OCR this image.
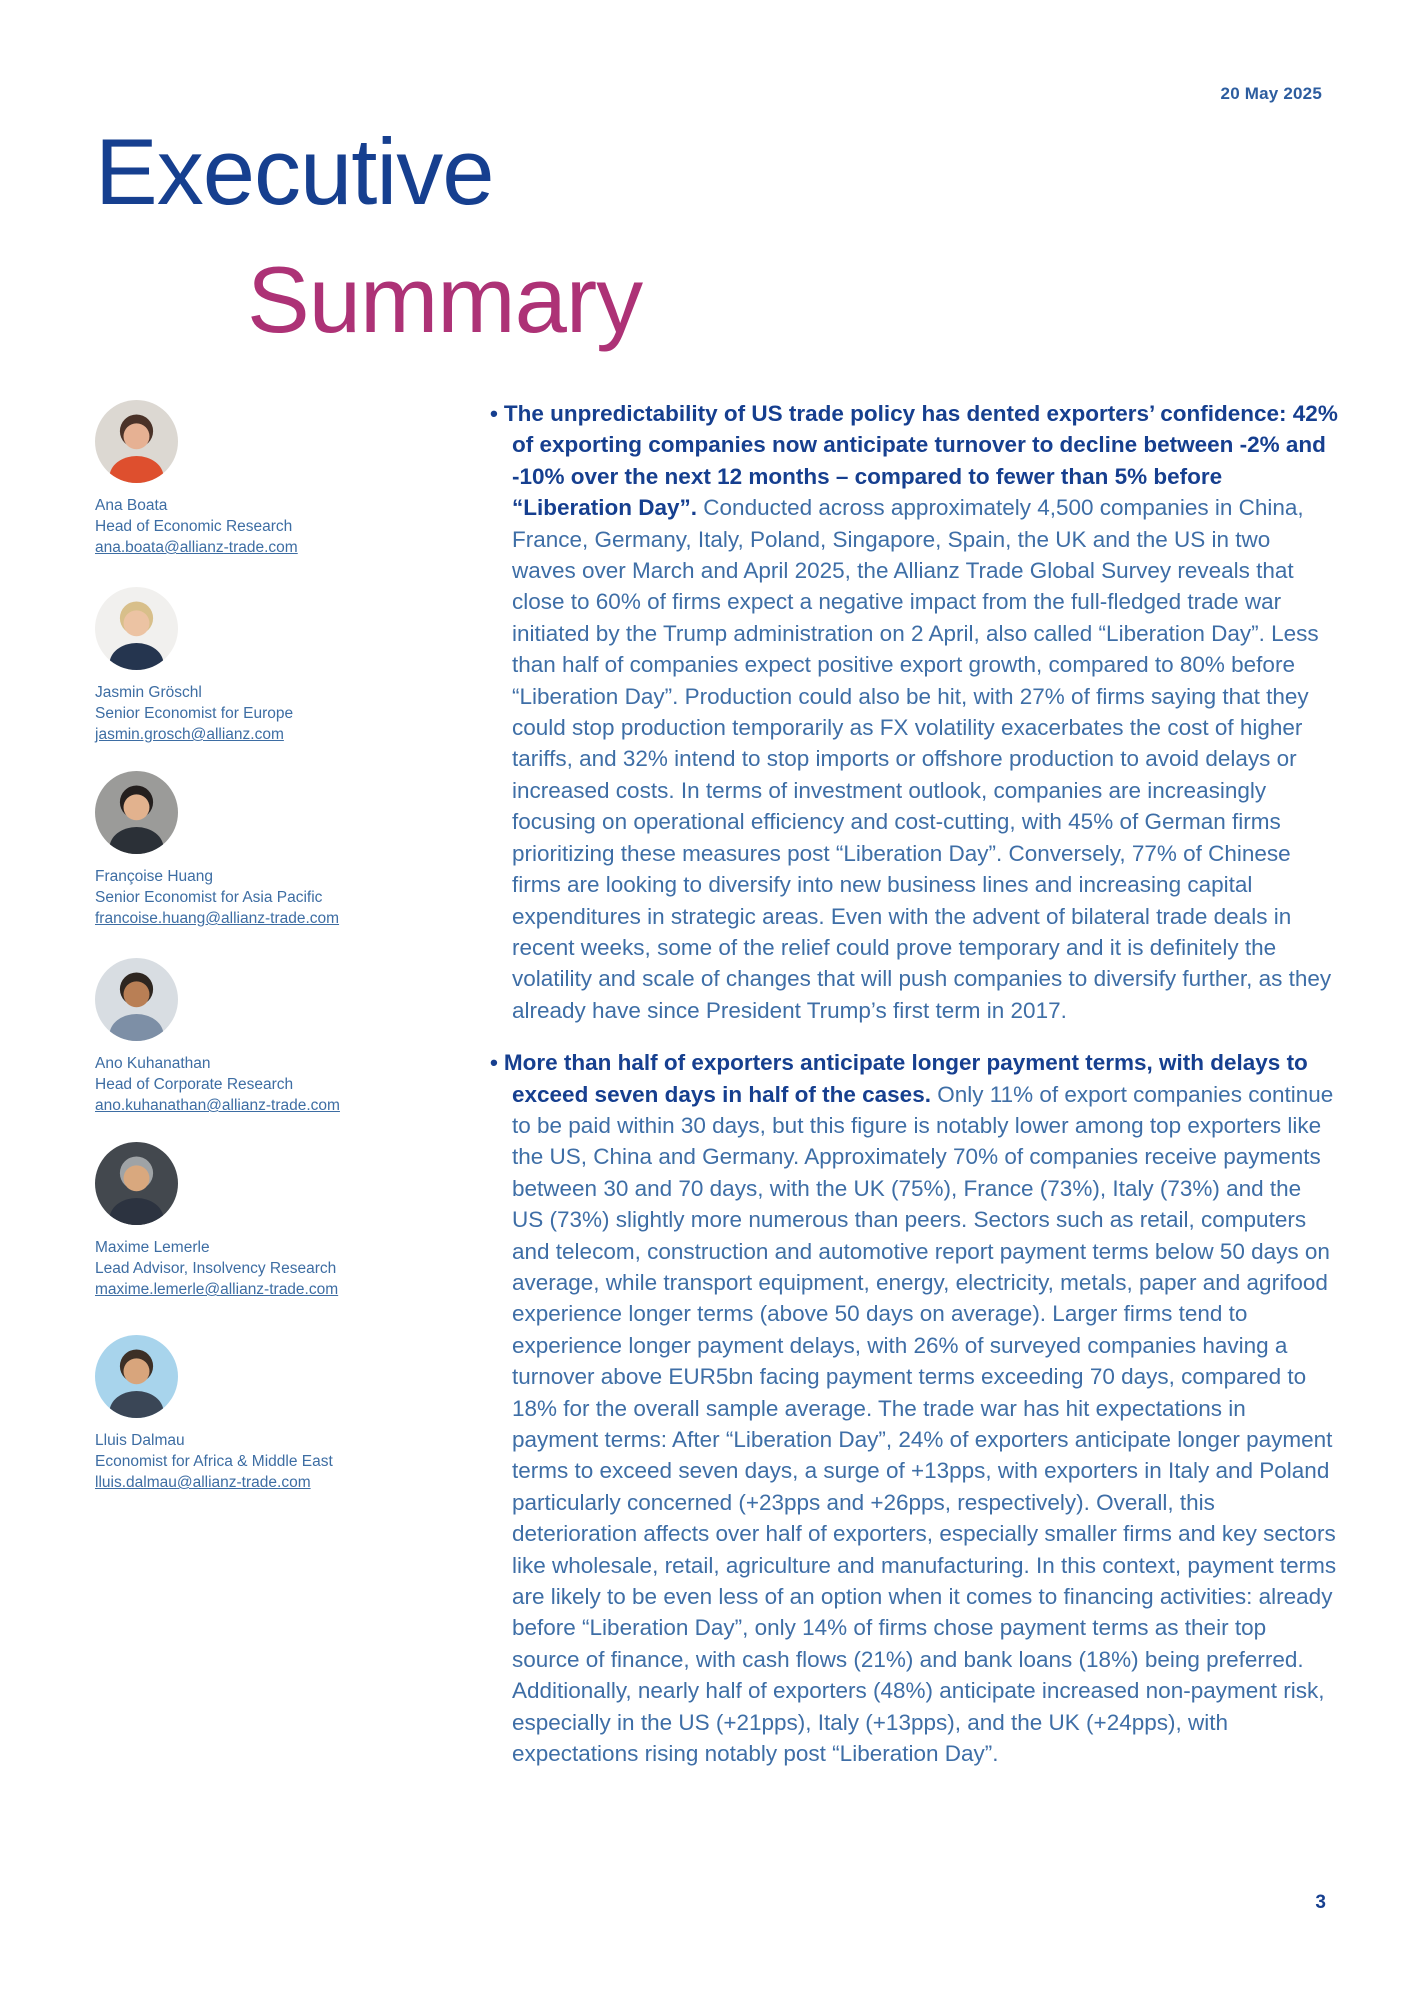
20 May 2025
Executive
Summary
Ana Boata
Head of Economic Research
ana.boata@allianz-trade.com
Jasmin Gröschl
Senior Economist for Europe
jasmin.grosch@allianz.com
Françoise Huang
Senior Economist for Asia Pacific
francoise.huang@allianz-trade.com
Ano Kuhanathan
Head of Corporate Research
ano.kuhanathan@allianz-trade.com
Maxime Lemerle
Lead Advisor, Insolvency Research
maxime.lemerle@allianz-trade.com
Lluis Dalmau
Economist for Africa & Middle East
lluis.dalmau@allianz-trade.com

• The unpredictability of US trade policy has dented exporters’ confidence: 42% of exporting companies now anticipate turnover to decline between -2% and -10% over the next 12 months – compared to fewer than 5% before “Liberation Day”. Conducted across approximately 4,500 companies in China, France, Germany, Italy, Poland, Singapore, Spain, the UK and the US in two waves over March and April 2025, the Allianz Trade Global Survey reveals that close to 60% of firms expect a negative impact from the full-fledged trade war initiated by the Trump administration on 2 April, also called “Liberation Day”. Less than half of companies expect positive export growth, compared to 80% before “Liberation Day”. Production could also be hit, with 27% of firms saying that they could stop production temporarily as FX volatility exacerbates the cost of higher tariffs, and 32% intend to stop imports or offshore production to avoid delays or increased costs. In terms of investment outlook, companies are increasingly focusing on operational efficiency and cost-cutting, with 45% of German firms prioritizing these measures post “Liberation Day”. Conversely, 77% of Chinese firms are looking to diversify into new business lines and increasing capital expenditures in strategic areas. Even with the advent of bilateral trade deals in recent weeks, some of the relief could prove temporary and it is definitely the volatility and scale of changes that will push companies to diversify further, as they already have since President Trump’s first term in 2017.

• More than half of exporters anticipate longer payment terms, with delays to exceed seven days in half of the cases. Only 11% of export companies continue to be paid within 30 days, but this figure is notably lower among top exporters like the US, China and Germany. Approximately 70% of companies receive payments between 30 and 70 days, with the UK (75%), France (73%), Italy (73%) and the US (73%) slightly more numerous than peers. Sectors such as retail, computers and telecom, construction and automotive report payment terms below 50 days on average, while transport equipment, energy, electricity, metals, paper and agrifood experience longer terms (above 50 days on average). Larger firms tend to experience longer payment delays, with 26% of surveyed companies having a turnover above EUR5bn facing payment terms exceeding 70 days, compared to 18% for the overall sample average. The trade war has hit expectations in payment terms: After “Liberation Day”, 24% of exporters anticipate longer payment terms to exceed seven days, a surge of +13pps, with exporters in Italy and Poland particularly concerned (+23pps and +26pps, respectively). Overall, this deterioration affects over half of exporters, especially smaller firms and key sectors like wholesale, retail, agriculture and manufacturing. In this context, payment terms are likely to be even less of an option when it comes to financing activities: already before “Liberation Day”, only 14% of firms chose payment terms as their top source of finance, with cash flows (21%) and bank loans (18%) being preferred. Additionally, nearly half of exporters (48%) anticipate increased non-payment risk, especially in the US (+21pps), Italy (+13pps), and the UK (+24pps), with expectations rising notably post “Liberation Day”.

3
